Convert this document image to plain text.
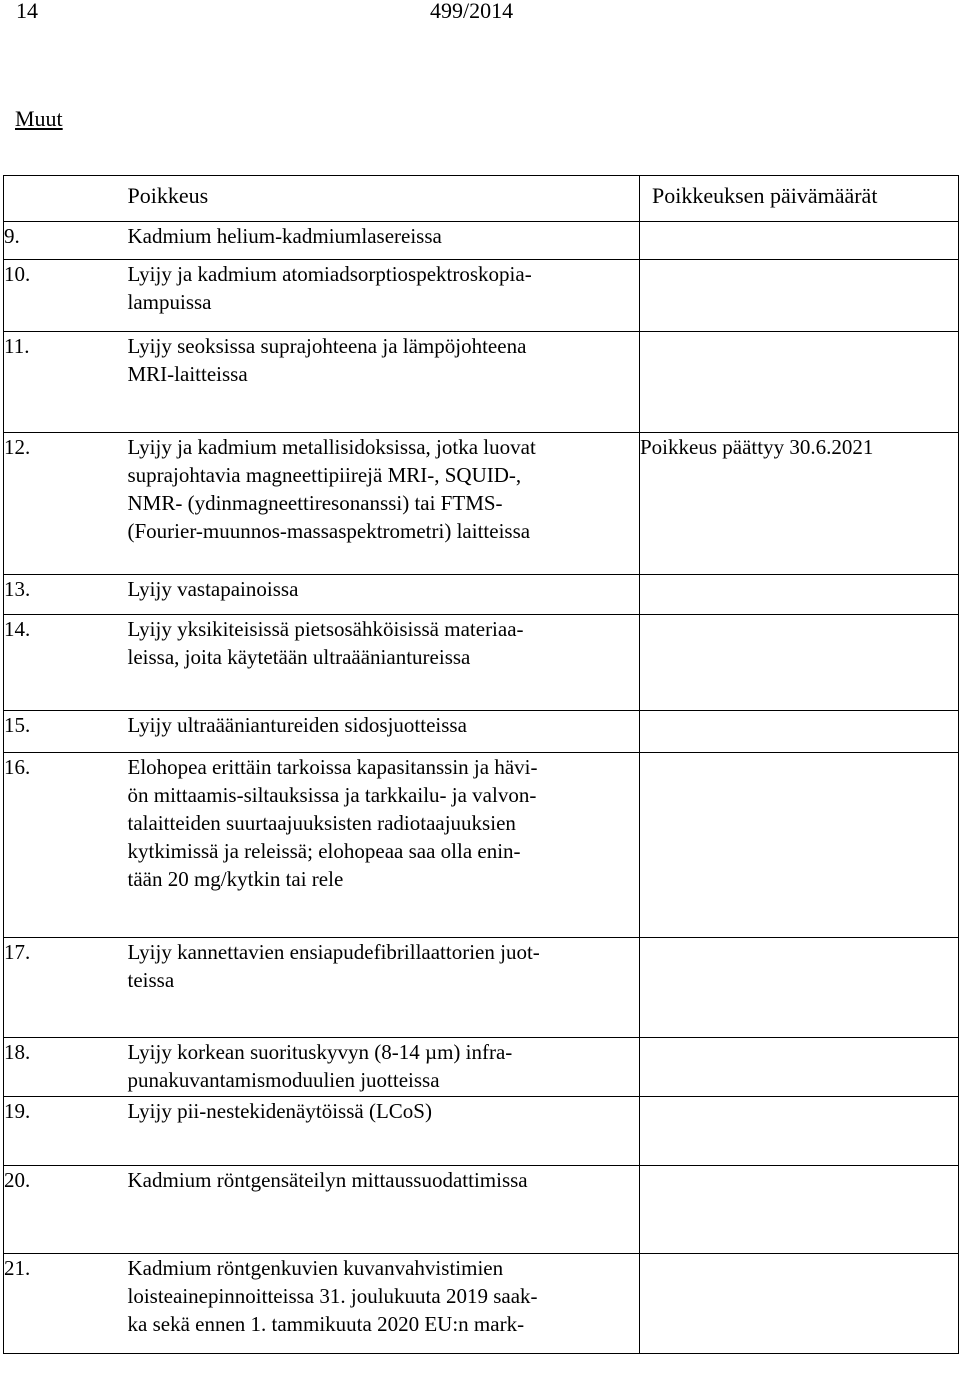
14	499/2014
Muut
	Poikkeus	Poikkeuksen päivämäärät
9.	Kadmium helium-kadmiumlasereissa	

10.	Lyijy ja kadmium atomiadsorptiospektroskopia-
lampuissa	

11.	Lyijy seoksissa suprajohteena ja lämpöjohteena
MRI-laitteissa	

12.	Lyijy ja kadmium metallisidoksissa, jotka luovat
suprajohtavia magneettipiirejä MRI-, SQUID-,
NMR- (ydinmagneettiresonanssi) tai FTMS-
(Fourier-muunnos-massaspektrometri) laitteissa	Poikkeus päättyy 30.6.2021
13.	Lyijy vastapainoissa	

14.	Lyijy yksikiteisissä pietsosähköisissä materiaa-
leissa, joita käytetään ultraääniantureissa	

15.	Lyijy ultraääniantureiden sidosjuotteissa	

16.	Elohopea erittäin tarkoissa kapasitanssin ja hävi-
ön mittaamis-siltauksissa ja tarkkailu- ja valvon-
talaitteiden suurtaajuuksisten radiotaajuuksien
kytkimissä ja releissä; elohopeaa saa olla enin-
tään 20 mg/kytkin tai rele	

17.	Lyijy kannettavien ensiapudefibrillaattorien juot-
teissa	

18.	Lyijy korkean suorituskyvyn (8-14 µm) infra-
punakuvantamismoduulien juotteissa	

19.	Lyijy pii-nestekidenäytöissä (LCoS)	

20.	Kadmium röntgensäteilyn mittaussuodattimissa	

21.	Kadmium röntgenkuvien kuvanvahvistimien
loisteainepinnoitteissa 31. joulukuuta 2019 saak-
ka sekä ennen 1. tammikuuta 2020 EU:n mark-	
